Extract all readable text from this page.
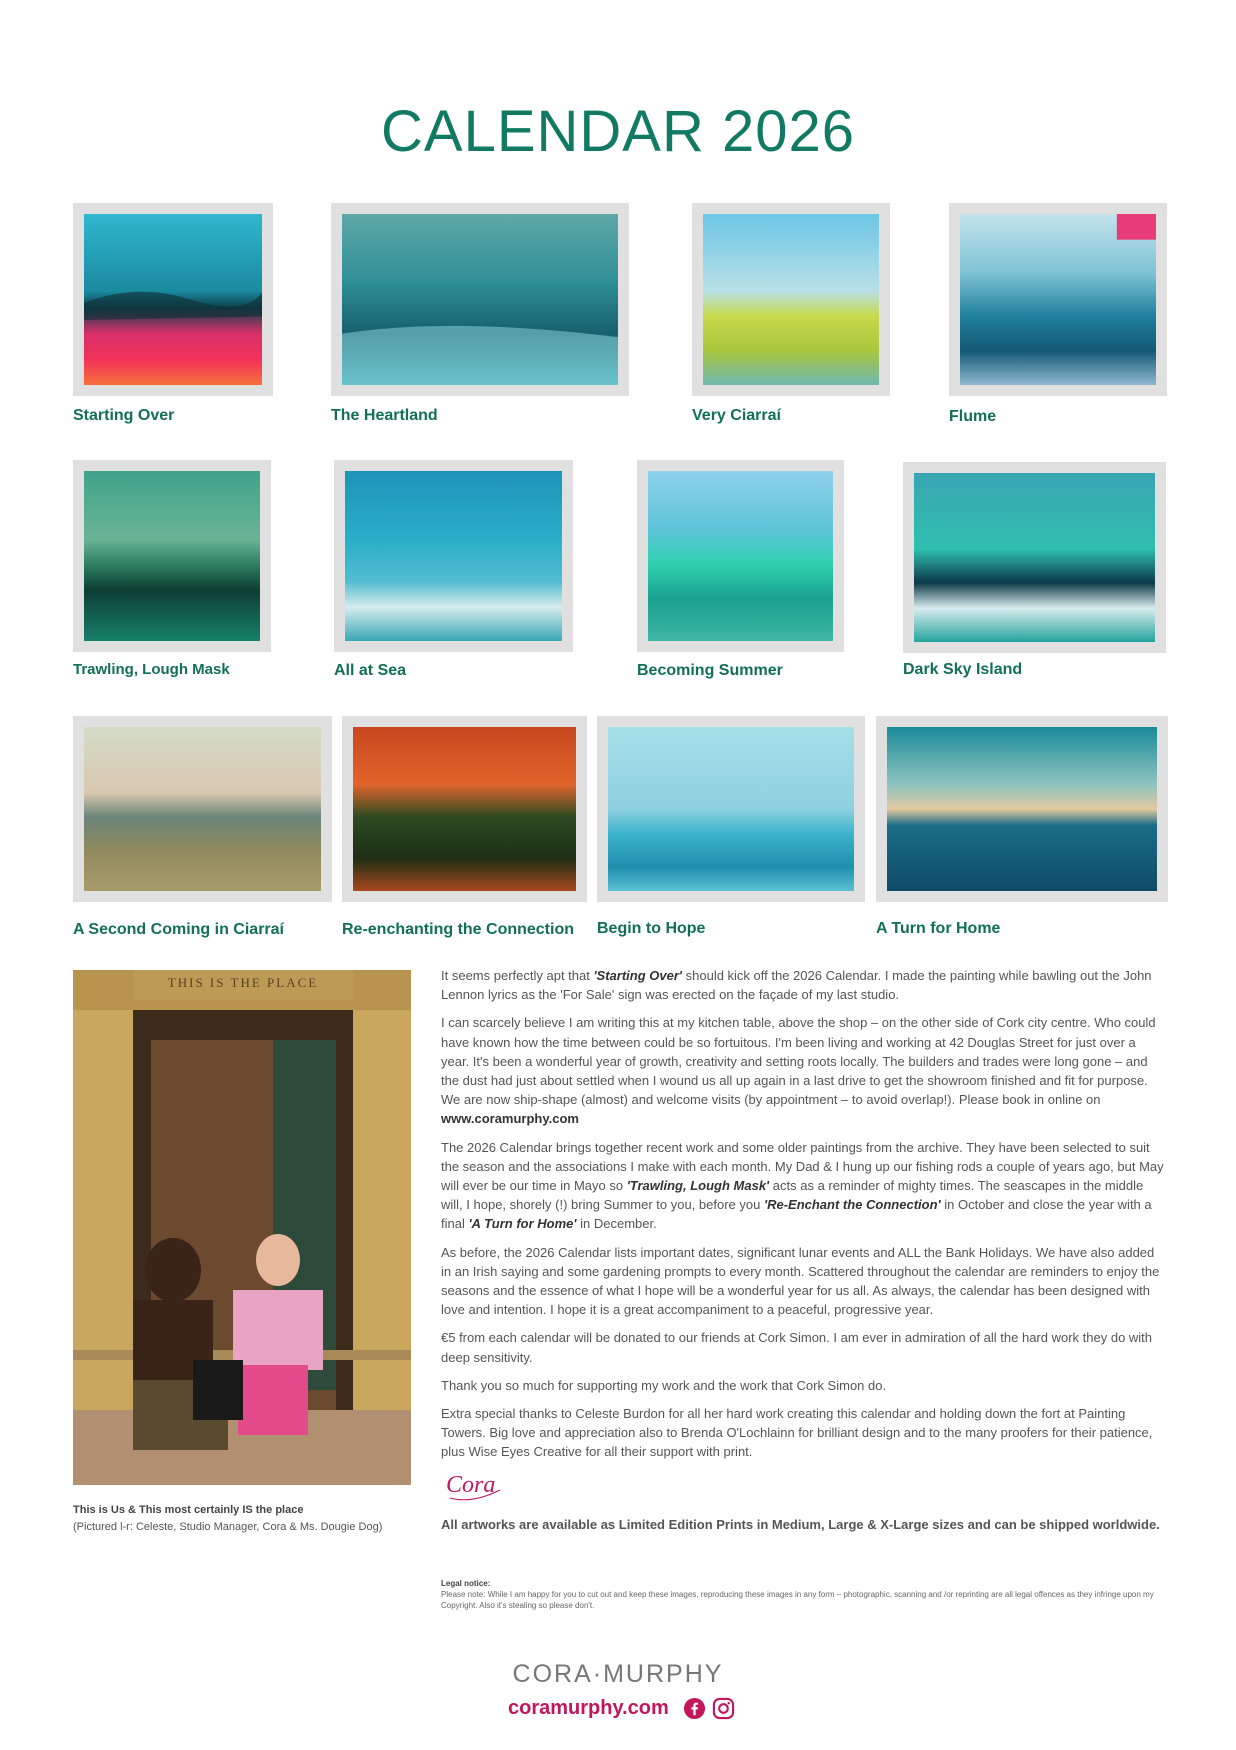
CALENDAR 2026
Starting Over	The Heartland	Very Ciarraí	Flume
Trawling, Lough Mask	All at Sea	Becoming Summer	Dark Sky Island
A Second Coming in Ciarraí	Re-enchanting the Connection Begin to Hope	A Turn for Home
THIS IS THE PLACE
This is Us & This most certainly IS the place
(Pictured l-r: Celeste, Studio Manager, Cora & Ms. Dougie Dog)

It seems perfectly apt that 'Starting Over' should kick off the 2026 Calendar. I made the painting while bawling out the John Lennon lyrics as the 'For Sale' sign was erected on the façade of my last studio.

I can scarcely believe I am writing this at my kitchen table, above the shop – on the other side of Cork city centre. Who could have known how the time between could be so fortuitous. I'm been living and working at 42 Douglas Street for just over a year. It's been a wonderful year of growth, creativity and setting roots locally. The builders and trades were long gone – and the dust had just about settled when I wound us all up again in a last drive to get the showroom finished and fit for purpose. We are now ship-shape (almost) and welcome visits (by appointment – to avoid overlap!). Please book in online on www.coramurphy.com

The 2026 Calendar brings together recent work and some older paintings from the archive. They have been selected to suit the season and the associations I make with each month. My Dad & I hung up our fishing rods a couple of years ago, but May will ever be our time in Mayo so 'Trawling, Lough Mask' acts as a reminder of mighty times. The seascapes in the middle will, I hope, shorely (!) bring Summer to you, before you 'Re-Enchant the Connection' in October and close the year with a final 'A Turn for Home' in December.

As before, the 2026 Calendar lists important dates, significant lunar events and ALL the Bank Holidays. We have also added in an Irish saying and some gardening prompts to every month. Scattered throughout the calendar are reminders to enjoy the seasons and the essence of what I hope will be a wonderful year for us all. As always, the calendar has been designed with love and intention. I hope it is a great accompaniment to a peaceful, progressive year.

€5 from each calendar will be donated to our friends at Cork Simon. I am ever in admiration of all the hard work they do with deep sensitivity.

Thank you so much for supporting my work and the work that Cork Simon do.

Extra special thanks to Celeste Burdon for all her hard work creating this calendar and holding down the fort at Painting Towers. Big love and appreciation also to Brenda O'Lochlainn for brilliant design and to the many proofers for their patience, plus Wise Eyes Creative for all their support with print.

Cora
All artworks are available as Limited Edition Prints in Medium, Large & X-Large sizes and can be shipped worldwide.
Legal notice:
Please note: While I am happy for you to cut out and keep these images, reproducing these images in any form – photographic, scanning and /or reprinting are all legal offences as they infringe upon my Copyright. Also it's stealing so please don't.
CORA·MURPHY
coramurphy.com
